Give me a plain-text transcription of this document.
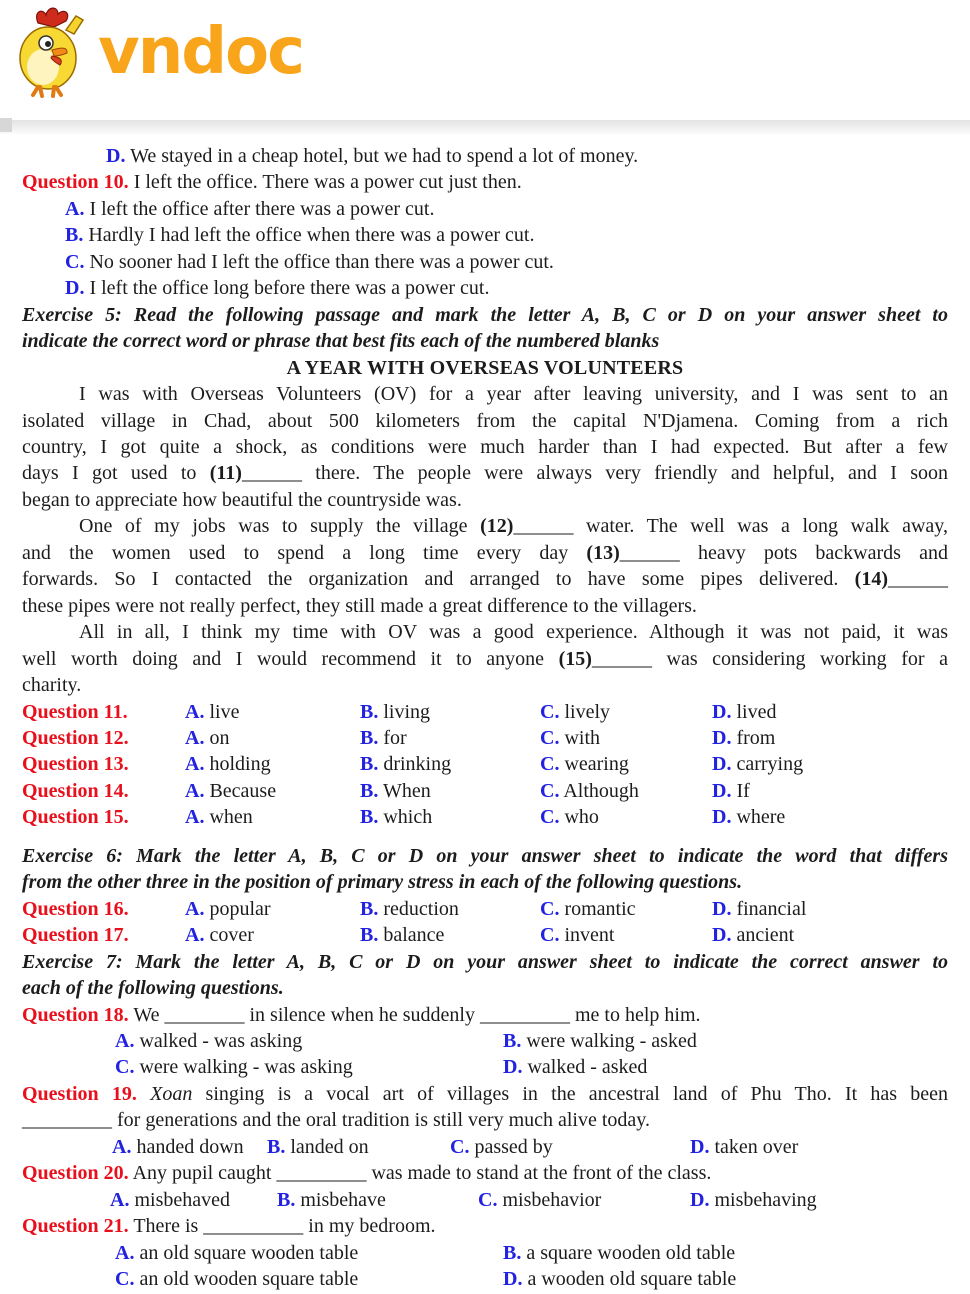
vndoc
D. We stayed in a cheap hotel, but we had to spend a lot of money.
Question 10. I left the office. There was a power cut just then.
A. I left the office after there was a power cut.
B. Hardly I had left the office when there was a power cut.
C. No sooner had I left the office than there was a power cut.
D. I left the office long before there was a power cut.
Exercise 5: Read the following passage and mark the letter A, B, C or D on your answer sheet to
indicate the correct word or phrase that best fits each of the numbered blanks
A YEAR WITH OVERSEAS VOLUNTEERS
I was with Overseas Volunteers (OV) for a year after leaving university, and I was sent to an
isolated village in Chad, about 500 kilometers from the capital N'Djamena. Coming from a rich
country, I got quite a shock, as conditions were much harder than I had expected. But after a few
days I got used to (11)______ there. The people were always very friendly and helpful, and I soon
began to appreciate how beautiful the countryside was.
One of my jobs was to supply the village (12)______ water. The well was a long walk away,
and the women used to spend a long time every day (13)______ heavy pots backwards and
forwards. So I contacted the organization and arranged to have some pipes delivered. (14)______
these pipes were not really perfect, they still made a great difference to the villagers.
All in all, I think my time with OV was a good experience. Although it was not paid, it was
well worth doing and I would recommend it to anyone (15)______ was considering working for a
charity.
Question 11.	A. live	B. living	C. lively	D. lived
Question 12.	A. on	B. for	C. with	D. from
Question 13.	A. holding	B. drinking	C. wearing	D. carrying
Question 14.	A. Because	B. When	C. Although	D. If
Question 15.	A. when	B. which	C. who	D. where
Exercise 6: Mark the letter A, B, C or D on your answer sheet to indicate the word that differs
from the other three in the position of primary stress in each of the following questions.
Question 16.	A. popular	B. reduction	C. romantic	D. financial
Question 17.	A. cover	B. balance	C. invent	D. ancient
Exercise 7: Mark the letter A, B, C or D on your answer sheet to indicate the correct answer to
each of the following questions.
Question 18. We ________ in silence when he suddenly _________ me to help him.
A. walked - was asking	B. were walking - asked
C. were walking - was asking	D. walked - asked
Question 19. Xoan singing is a vocal art of villages in the ancestral land of Phu Tho. It has been
_________ for generations and the oral tradition is still very much alive today.
A. handed down	B. landed on	C. passed by	D. taken over
Question 20. Any pupil caught _________ was made to stand at the front of the class.
A. misbehaved	B. misbehave	C. misbehavior	D. misbehaving
Question 21. There is __________ in my bedroom.
A. an old square wooden table	B. a square wooden old table
C. an old wooden square table	D. a wooden old square table
